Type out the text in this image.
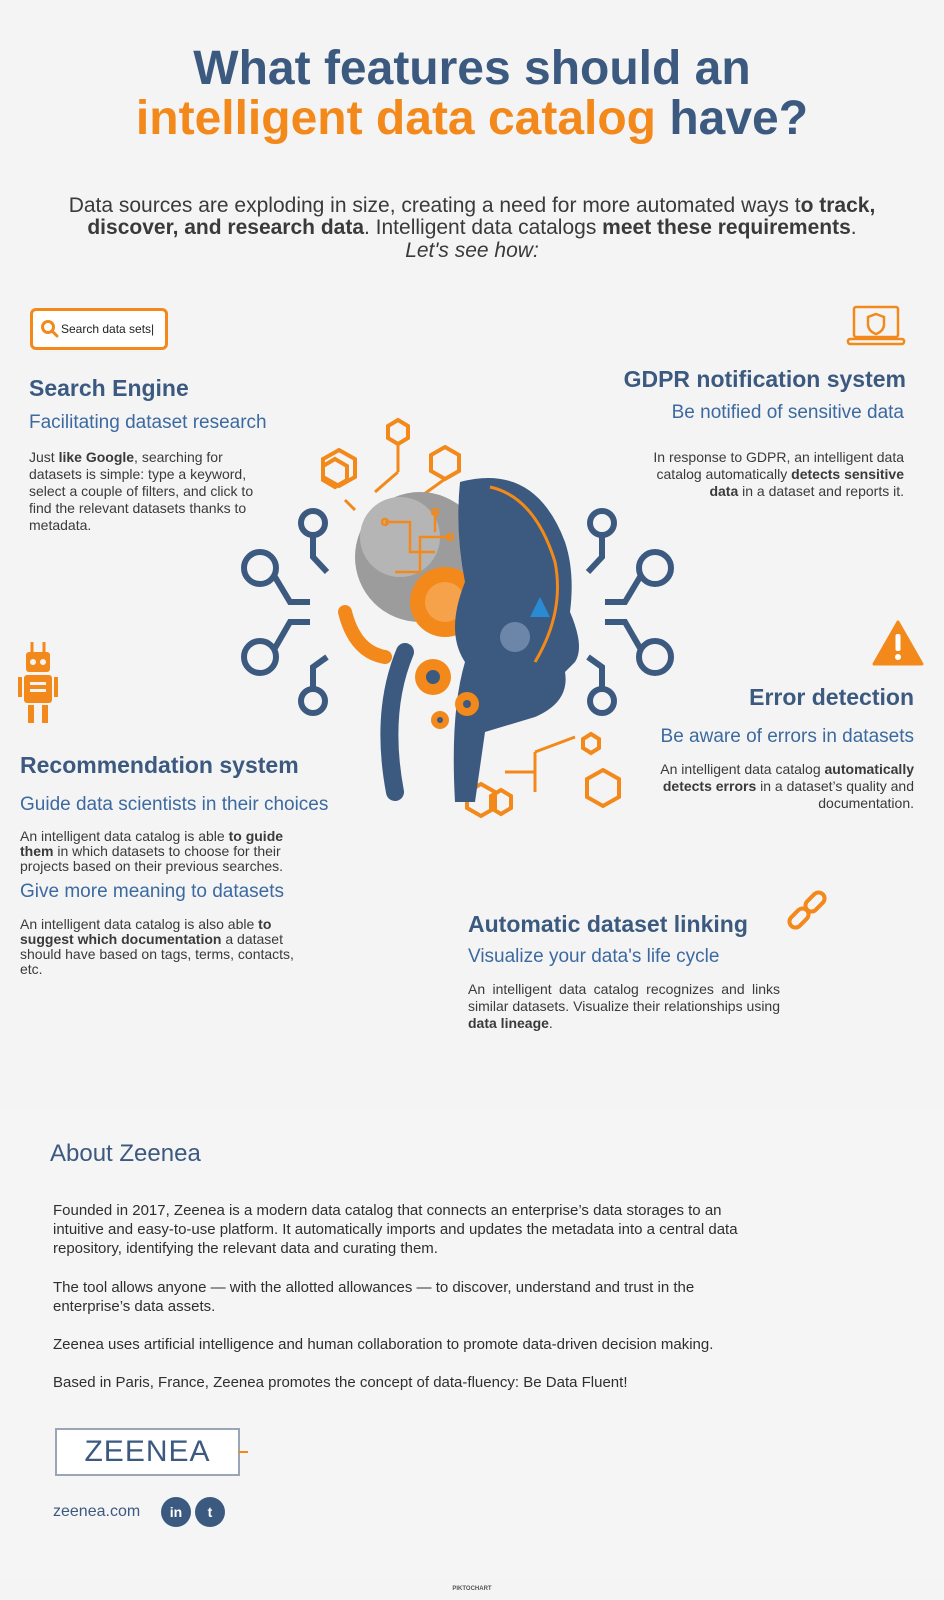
What features should an
intelligent data catalog have?
Data sources are exploding in size, creating a need for more automated ways to track, discover, and research data. Intelligent data catalogs meet these requirements.
Let's see how:
Search data sets|
Search Engine
Facilitating dataset research
Just like Google, searching for datasets is simple: type a keyword, select a couple of filters, and click to find the relevant datasets thanks to metadata.
GDPR notification system
Be notified of sensitive data
In response to GDPR, an intelligent data catalog automatically detects sensitive data in a dataset and reports it.
Error detection
Be aware of errors in datasets
An intelligent data catalog automatically detects errors in a dataset’s quality and documentation.
Recommendation system
Guide data scientists in their choices
An intelligent data catalog is able to guide them in which datasets to choose for their projects based on their previous searches.
Give more meaning to datasets
An intelligent data catalog is also able to suggest which documentation a dataset should have based on tags, terms, contacts, etc.
Automatic dataset linking
Visualize your data's life cycle
An intelligent data catalog recognizes and links similar datasets. Visualize their relationships using data lineage.
About Zeenea
Founded in 2017, Zeenea is a modern data catalog that connects an enterprise’s data storages to an intuitive and easy-to-use platform. It automatically imports and updates the metadata into a central data repository, identifying the relevant data and curating them.
The tool allows anyone — with the allotted allowances — to discover, understand and trust in the enterprise’s data assets.
Zeenea uses artificial intelligence and human collaboration to promote data-driven decision making.
Based in Paris, France, Zeenea promotes the concept of data-fluency: Be Data Fluent!
ZEENEA
zeenea.com in t
PIKTOCHART
